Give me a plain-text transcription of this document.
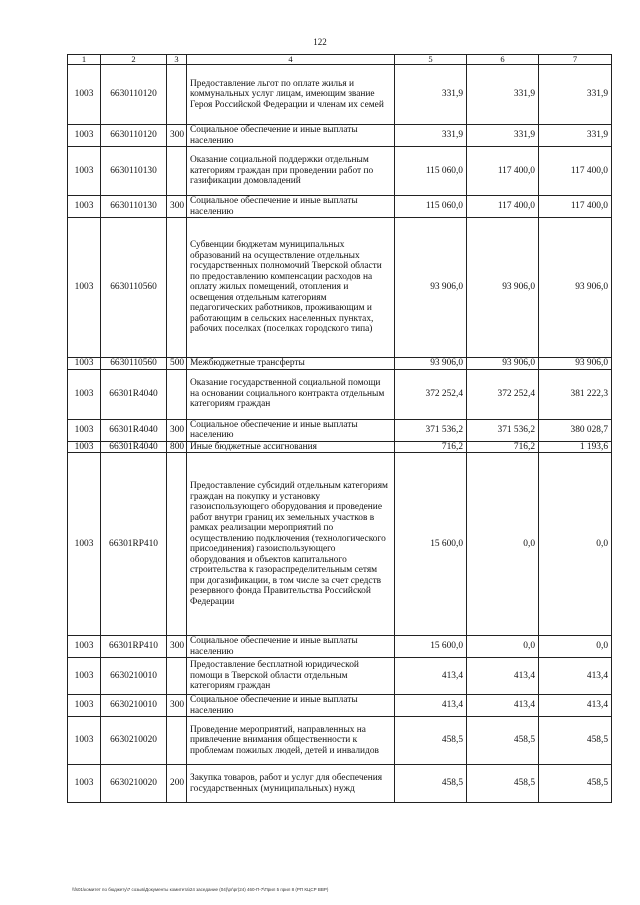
122
1	2	3	4	5	6	7
1003	6630110120		Предоставление льгот по оплате жилья и коммунальных услуг лицам, имеющим звание Героя Российской Федерации и членам их семей	331,9	331,9	331,9
1003	6630110120	300	Социальное обеспечение и иные выплаты населению	331,9	331,9	331,9
1003	6630110130		Оказание социальной поддержки отдельным категориям граждан при проведении работ по газификации домовладений	115 060,0	117 400,0	117 400,0
1003	6630110130	300	Социальное обеспечение и иные выплаты населению	115 060,0	117 400,0	117 400,0
1003	6630110560		Субвенции бюджетам муниципальных образований на осуществление отдельных государственных полномочий Тверской области по предоставлению компенсации расходов на оплату жилых помещений, отопления и освещения отдельным категориям педагогических работников, проживающим и работающим в сельских населенных пунктах, рабочих поселках (поселках городского типа)	93 906,0	93 906,0	93 906,0
1003	6630110560	500	Межбюджетные трансферты	93 906,0	93 906,0	93 906,0
1003	66301R4040		Оказание государственной социальной помощи на основании социального контракта отдельным категориям граждан	372 252,4	372 252,4	381 222,3
1003	66301R4040	300	Социальное обеспечение и иные выплаты населению	371 536,2	371 536,2	380 028,7
1003	66301R4040	800	Иные бюджетные ассигнования	716,2	716,2	1 193,6
1003	66301RP410		Предоставление субсидий отдельным категориям граждан на покупку и установку газоиспользующего оборудования и проведение работ внутри границ их земельных участков в рамках реализации мероприятий по осуществлению подключения (технологического присоединения) газоиспользующего оборудования и объектов капитального строительства к газораспределительным сетям при догазификации, в том числе за счет средств резервного фонда Правительства Российской Федерации	15 600,0	0,0	0,0
1003	66301RP410	300	Социальное обеспечение и иные выплаты населению	15 600,0	0,0	0,0
1003	6630210010		Предоставление бесплатной юридической помощи в Тверской области отдельным категориям граждан	413,4	413,4	413,4
1003	6630210010	300	Социальное обеспечение и иные выплаты населению	413,4	413,4	413,4
1003	6630210020		Проведение мероприятий, направленных на привлечение внимания общественности к проблемам пожилых людей, детей и инвалидов	458,5	458,5	458,5
1003	6630210020	200	Закупка товаров, работ и услуг для обеспечения государственных (муниципальных) нужд	458,5	458,5	458,5
\\fs01\комитет по бюджету\7 созыв\Документы комитета\24 заседание (04)\pr\pr(24) 460-П-7\Прил 5 прил 8 (РП КЦСР ВВР)
